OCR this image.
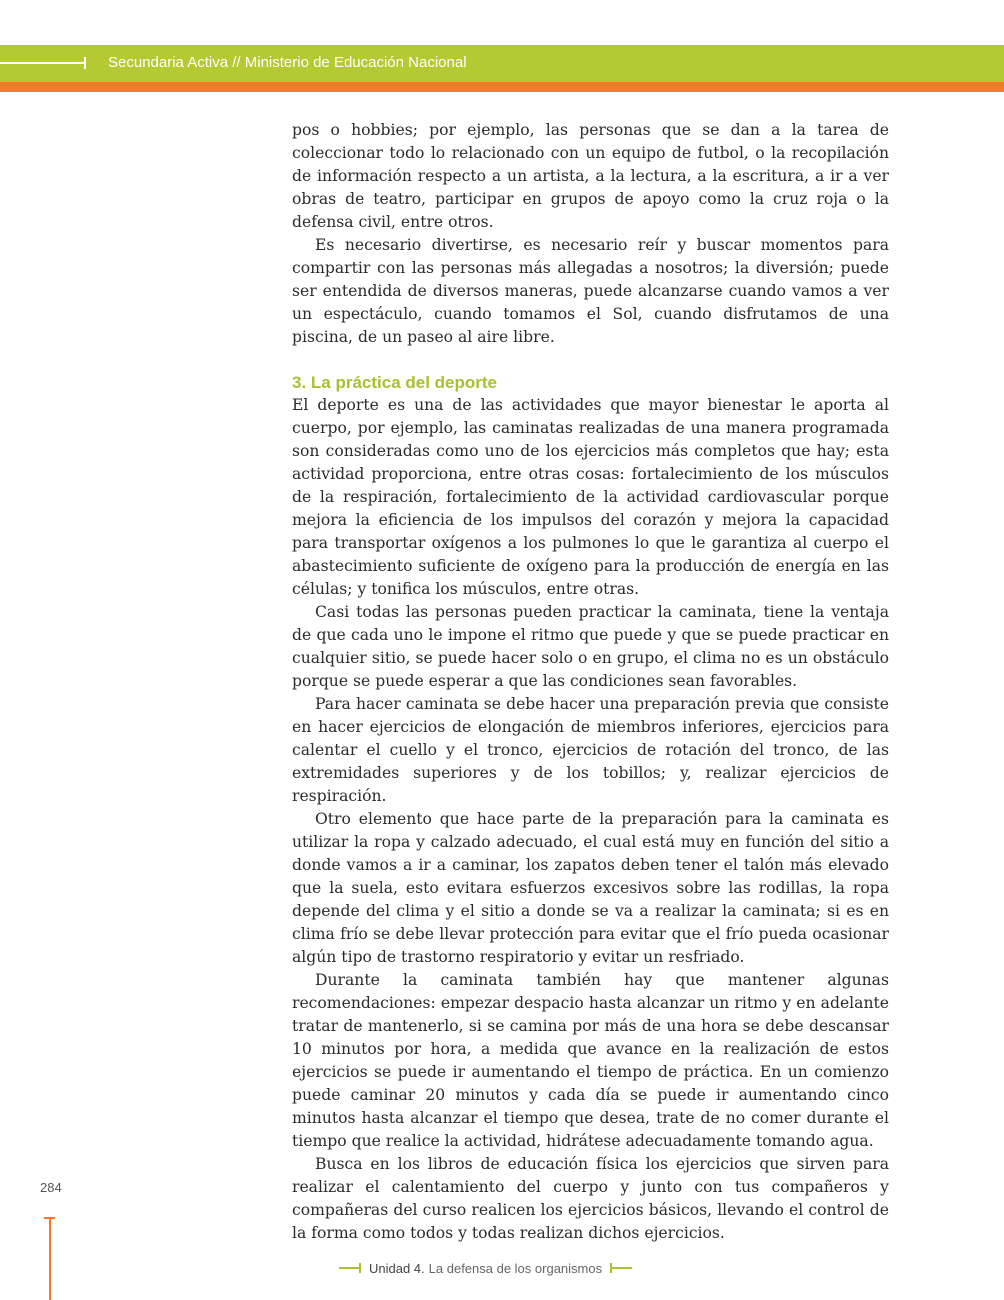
Secundaria Activa // Ministerio de Educación Nacional

pos o hobbies; por ejemplo, las personas que se dan a la tarea de coleccionar todo lo relacionado con un equipo de futbol, o la recopilación de información respecto a un artista, a la lectura, a la escritura, a ir a ver obras de teatro, participar en grupos de apoyo como la cruz roja o la defensa civil, entre otros.

Es necesario divertirse, es necesario reír y buscar momentos para compartir con las personas más allegadas a nosotros; la diversión; puede ser entendida de diversos maneras, puede alcanzarse cuando vamos a ver un espectáculo, cuando tomamos el Sol, cuando disfrutamos de una piscina, de un paseo al aire libre.

3. La práctica del deporte

El deporte es una de las actividades que mayor bienestar le aporta al cuerpo, por ejemplo, las caminatas realizadas de una manera programada son consideradas como uno de los ejercicios más completos que hay; esta actividad proporciona, entre otras cosas: fortalecimiento de los músculos de la respiración, fortalecimiento de la actividad cardiovascular porque mejora la eficiencia de los impulsos del corazón y mejora la capacidad para transportar oxígenos a los pulmones lo que le garantiza al cuerpo el abastecimiento suficiente de oxígeno para la producción de energía en las células; y tonifica los músculos, entre otras.

Casi todas las personas pueden practicar la caminata, tiene la ventaja de que cada uno le impone el ritmo que puede y que se puede practicar en cualquier sitio, se puede hacer solo o en grupo, el clima no es un obstáculo porque se puede esperar a que las condiciones sean favorables.

Para hacer caminata se debe hacer una preparación previa que consiste en hacer ejercicios de elongación de miembros inferiores, ejercicios para calentar el cuello y el tronco, ejercicios de rotación del tronco, de las extremidades superiores y de los tobillos; y, realizar ejercicios de respiración.

Otro elemento que hace parte de la preparación para la caminata es utilizar la ropa y calzado adecuado, el cual está muy en función del sitio a donde vamos a ir a caminar, los zapatos deben tener el talón más elevado que la suela, esto evitara esfuerzos excesivos sobre las rodillas, la ropa depende del clima y el sitio a donde se va a realizar la caminata; si es en clima frío se debe llevar protección para evitar que el frío pueda ocasionar algún tipo de trastorno respiratorio y evitar un resfriado.

Durante la caminata también hay que mantener algunas recomendaciones: empezar despacio hasta alcanzar un ritmo y en adelante tratar de mantenerlo, si se camina por más de una hora se debe descansar 10 minutos por hora, a medida que avance en la realización de estos ejercicios se puede ir aumentando el tiempo de práctica. En un comienzo puede caminar 20 minutos y cada día se puede ir aumentando cinco minutos hasta alcanzar el tiempo que desea, trate de no comer durante el tiempo que realice la actividad, hidrátese adecuadamente tomando agua.

Busca en los libros de educación física los ejercicios que sirven para realizar el calentamiento del cuerpo y junto con tus compañeros y compañeras del curso realicen los ejercicios básicos, llevando el control de la forma como todos y todas realizan dichos ejercicios.

284
Unidad 4. La defensa de los organismos
